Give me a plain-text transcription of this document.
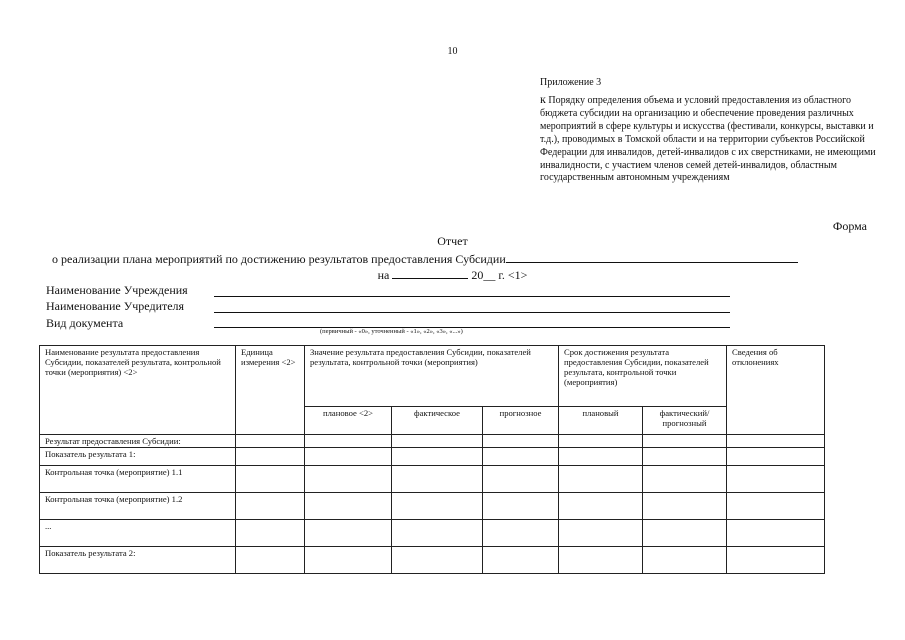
10
Приложение 3
к Порядку определения объема и условий предоставления из областного бюджета субсидии на организацию и обеспечение проведения различных мероприятий в сфере культуры и искусства (фестивали, конкурсы, выставки и т.д.), проводимых в Томской области и на территории субъектов Российской Федерации для инвалидов, детей-инвалидов с их сверстниками, не имеющими инвалидности, с участием членов семей детей-инвалидов, областным государственным автономным учреждениям
Форма
Отчет
о реализации плана мероприятий по достижению результатов предоставления Субсидии
на	20__ г. <1>
Наименование Учреждения
Наименование Учредителя
Вид документа
(первичный - «0», уточненный - «1», «2», «3», «...»)
Наименование результата предоставления Субсидии, показателей результата, контрольной точки (мероприятия) <2>	Единица измерения <2>	Значение результата предоставления Субсидии, показателей результата, контрольной точки (мероприятия)			Срок достижения результата предоставления Субсидии, показателей результата, контрольной точки (мероприятия)		Сведения об отклонениях
		плановое <2>	фактическое	прогнозное	плановый	фактический/ прогнозный	
Результат предоставления Субсидии:							
Показатель результата 1:							
Контрольная точка (мероприятие) 1.1							
Контрольная точка (мероприятие) 1.2							
...							
Показатель результата 2:							
